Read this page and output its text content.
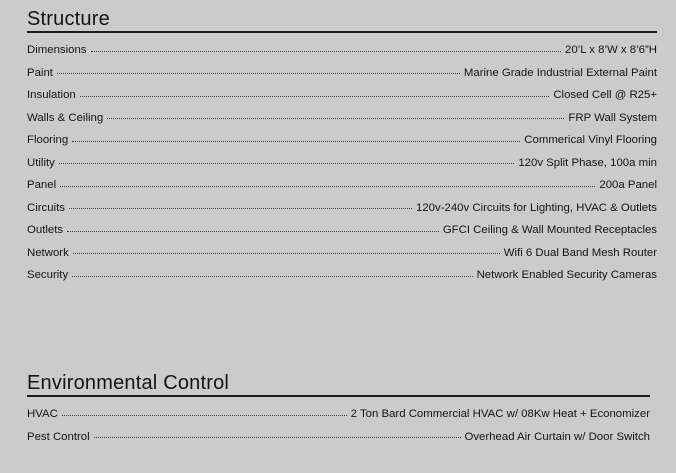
Structure
Dimensions	20’L x 8’W x 8’6”H
Paint	Marine Grade Industrial External Paint
Insulation	Closed Cell @ R25+
Walls & Ceiling	FRP Wall System
Flooring	Commerical Vinyl Flooring
Utility	120v Split Phase, 100a min
Panel	200a Panel
Circuits	120v-240v Circuits for Lighting, HVAC & Outlets
Outlets	GFCI Ceiling & Wall Mounted Receptacles
Network	Wifi 6 Dual Band Mesh Router
Security	Network Enabled Security Cameras
Environmental Control
HVAC	2 Ton Bard Commercial HVAC w/ 08Kw Heat + Economizer
Pest Control	Overhead Air Curtain w/ Door Switch
